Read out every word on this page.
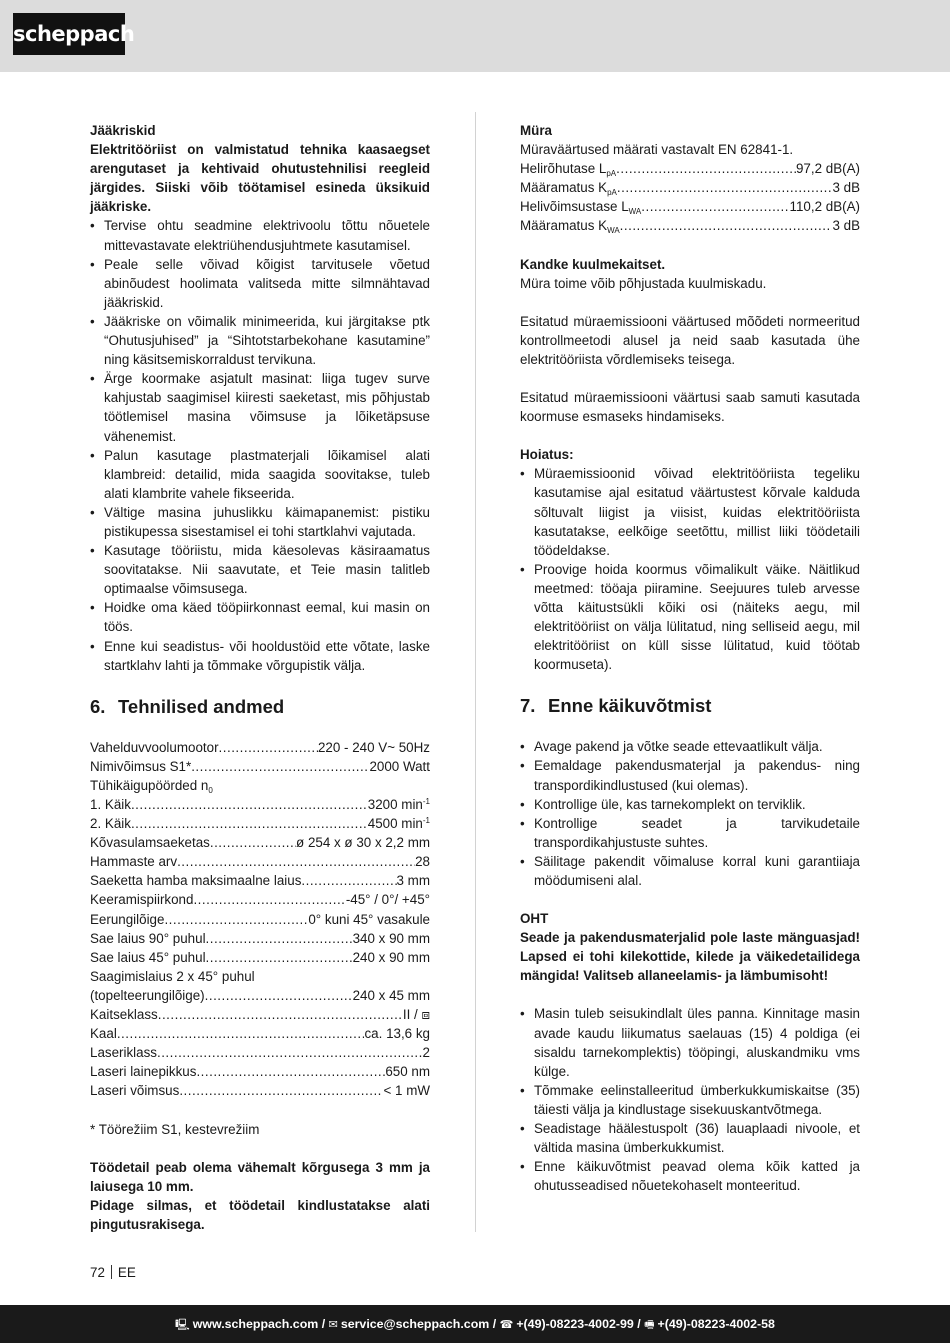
scheppach

Jääkriskid

Elektritööriist on valmistatud tehnika kaasaegset arengutaset ja kehtivaid ohutustehnilisi reegleid järgides. Siiski võib töötamisel esineda üksikuid jääkriske.

• Tervise ohtu seadmine elektrivoolu tõttu nõuetele mittevastavate elektriühendusjuhtmete kasutamisel.
• Peale selle võivad kõigist tarvitusele võetud abinõudest hoolimata valitseda mitte silmnähtavad jääkriskid.
• Jääkriske on võimalik minimeerida, kui järgitakse ptk “Ohutusjuhised” ja “Sihtotstarbekohane kasutamine” ning käsitsemiskorraldust tervikuna.
• Ärge koormake asjatult masinat: liiga tugev surve kahjustab saagimisel kiiresti saeketast, mis põhjustab töötlemisel masina võimsuse ja lõiketäpsuse vähenemist.
• Palun kasutage plastmaterjali lõikamisel alati klambreid: detailid, mida saagida soovitakse, tuleb alati klambrite vahele fikseerida.
• Vältige masina juhuslikku käimapanemist: pistiku pistikupessa sisestamisel ei tohi startklahvi vajutada.
• Kasutage tööriistu, mida käesolevas käsiraamatus soovitatakse. Nii saavutate, et Teie masin talitleb optimaalse võimsusega.
• Hoidke oma käed tööpiirkonnast eemal, kui masin on töös.
• Enne kui seadistus- või hooldustöid ette võtate, laske startklahv lahti ja tõmmake võrgupistik välja.
6. Tehnilised andmed
Vahelduvvoolumootor .....	220 - 240 V~ 50Hz
Nimivõimsus S1* .....	2000 Watt
Tühikäigupöörded $n_0$
1. Käik .....	3200 $\min^{-1}$
2. Käik .....	4500 $\min^{-1}$
Kõvasulamsaeketas .....	ø 254 x ø 30 x 2,2 mm
Hammaste arv .....	28
Saeketta hamba maksimaalne laius .....	3 mm
Keeramispiirkond .....	-45° / 0°/ +45°
Eerungilõige .....	0° kuni 45° vasakule
Sae laius 90° puhul .....	340 x 90 mm
Sae laius 45° puhul .....	240 x 90 mm
Saagimislaius 2 x 45° puhul
(topelteerungilõige) .....	240 x 45 mm
Kaitseklass .....	II / ⧈
Kaal .....	ca. 13,6 kg
Laseriklass .....	2
Laseri lainepikkus .....	650 nm
Laseri võimsus .....	< 1 mW

* Töörežiim S1, kestevrežiim

Töödetail peab olema vähemalt kõrgusega 3 mm ja laiusega 10 mm.

Pidage silmas, et töödetail kindlustatakse alati pingutusrakisega.

Müra

Müraväärtused määrati vastavalt EN 62841-1.

Helirõhutase $L_{pA}$ .....	97,2 dB(A)
Määramatus $K_{pA}$ .....	3 dB
Helivõimsustase $L_{WA}$ .....	110,2 dB(A)
Määramatus $K_{WA}$ .....	3 dB

Kandke kuulmekaitset.

Müra toime võib põhjustada kuulmiskadu.

Esitatud müraemissiooni väärtused mõõdeti normeeritud kontrollmeetodi alusel ja neid saab kasutada ühe elektritööriista võrdlemiseks teisega.

Esitatud müraemissiooni väärtusi saab samuti kasutada koormuse esmaseks hindamiseks.

Hoiatus:

• Müraemissioonid võivad elektritööriista tegeliku kasutamise ajal esitatud väärtustest kõrvale kalduda sõltuvalt liigist ja viisist, kuidas elektritööriista kasutatakse, eelkõige seetõttu, millist liiki töödetaili töödeldakse.
• Proovige hoida koormus võimalikult väike. Näitlikud meetmed: tööaja piiramine. Seejuures tuleb arvesse võtta käitustsükli kõiki osi (näiteks aegu, mil elektritööriist on välja lülitatud, ning selliseid aegu, mil elektritööriist on küll sisse lülitatud, kuid töötab koormuseta).
7. Enne käikuvõtmist
• Avage pakend ja võtke seade ettevaatlikult välja.
• Eemaldage pakendusmaterjal ja pakendus- ning transpordikindlustused (kui olemas).
• Kontrollige üle, kas tarnekomplekt on terviklik.
• Kontrollige seadet ja tarvikudetaile transpordikahjustuste suhtes.
• Säilitage pakendit võimaluse korral kuni garantiiaja möödumiseni alal.

OHT

Seade ja pakendusmaterjalid pole laste mänguasjad! Lapsed ei tohi kilekottide, kilede ja väikedetailidega mängida! Valitseb allaneelamis- ja lämbumisoht!

• Masin tuleb seisukindlalt üles panna. Kinnitage masin avade kaudu liikumatus saelauas (15) 4 poldiga (ei sisaldu tarnekomplektis) tööpingi, aluskandmiku vms külge.
• Tõmmake eelinstalleeritud ümberkukkumiskaitse (35) täiesti välja ja kindlustage sisekuuskantvõtmega.
• Seadistage häälestuspolt (36) lauaplaadi nivoole, et vältida masina ümberkukkumist.
• Enne käikuvõtmist peavad olema kõik katted ja ohutusseadised nõuetekohaselt monteeritud.
72 EE
🖳 www.scheppach.com / ✉ service@scheppach.com / ☎ +(49)-08223-4002-99 / 🖷 +(49)-08223-4002-58
